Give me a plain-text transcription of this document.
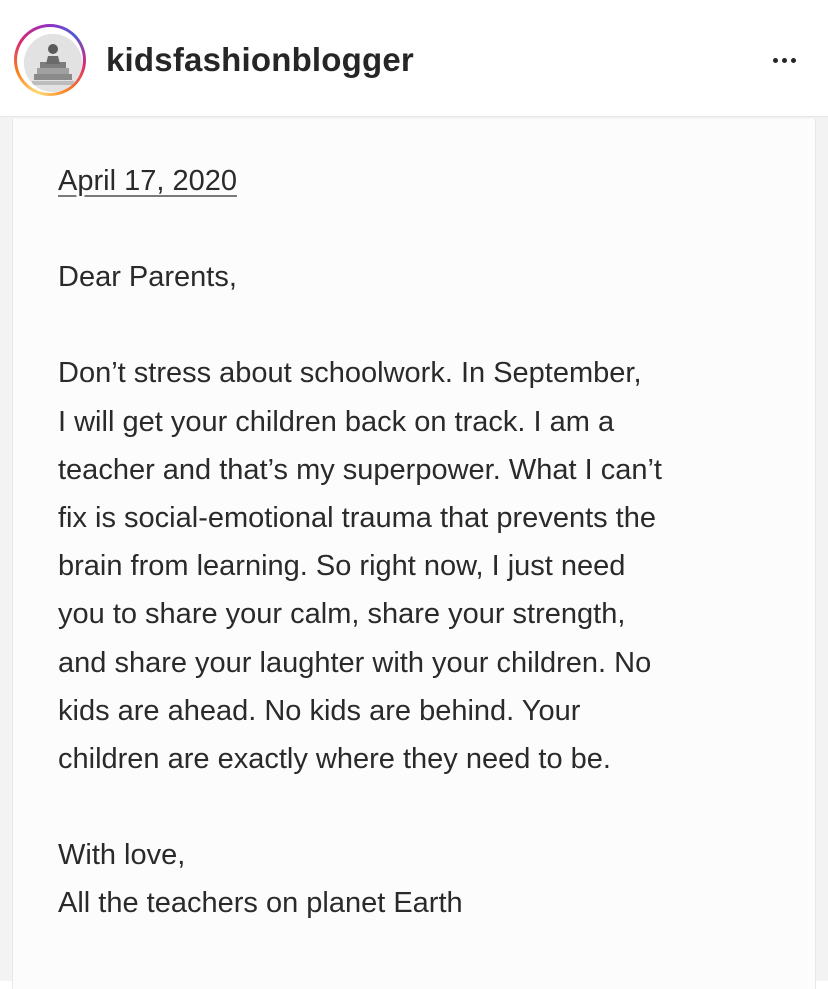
kidsfashionblogger
April 17, 2020
Dear Parents,
Don’t stress about schoolwork. In September,
I will get your children back on track. I am a
teacher and that’s my superpower. What I can’t
fix is social-emotional trauma that prevents the
brain from learning. So right now, I just need
you to share your calm, share your strength,
and share your laughter with your children. No
kids are ahead. No kids are behind. Your
children are exactly where they need to be.
With love,
All the teachers on planet Earth
